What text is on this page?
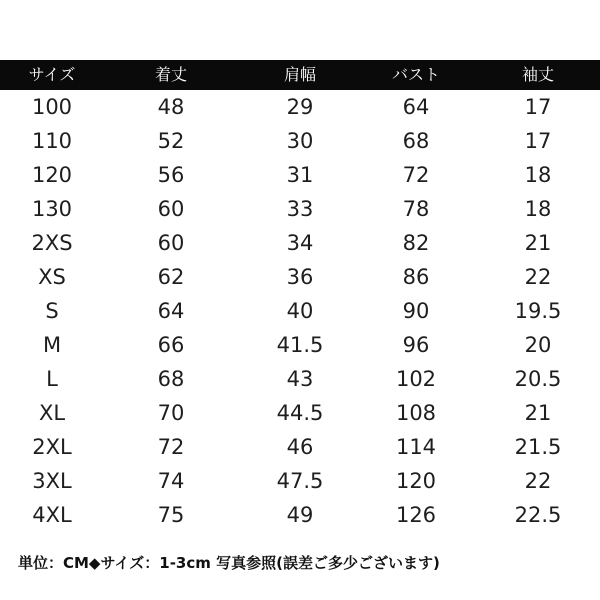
サイズ	着丈	肩幅	バスト	袖丈
100	48	29	64	17
110	52	30	68	17
120	56	31	72	18
130	60	33	78	18
2XS	60	34	82	21
XS	62	36	86	22
S	64	40	90	19.5
M	66	41.5	96	20
L	68	43	102	20.5
XL	70	44.5	108	21
2XL	72	46	114	21.5
3XL	74	47.5	120	22
4XL	75	49	126	22.5
単位：CM◆サイズ：1-3cm 写真参照(誤差ご多少ございます)
